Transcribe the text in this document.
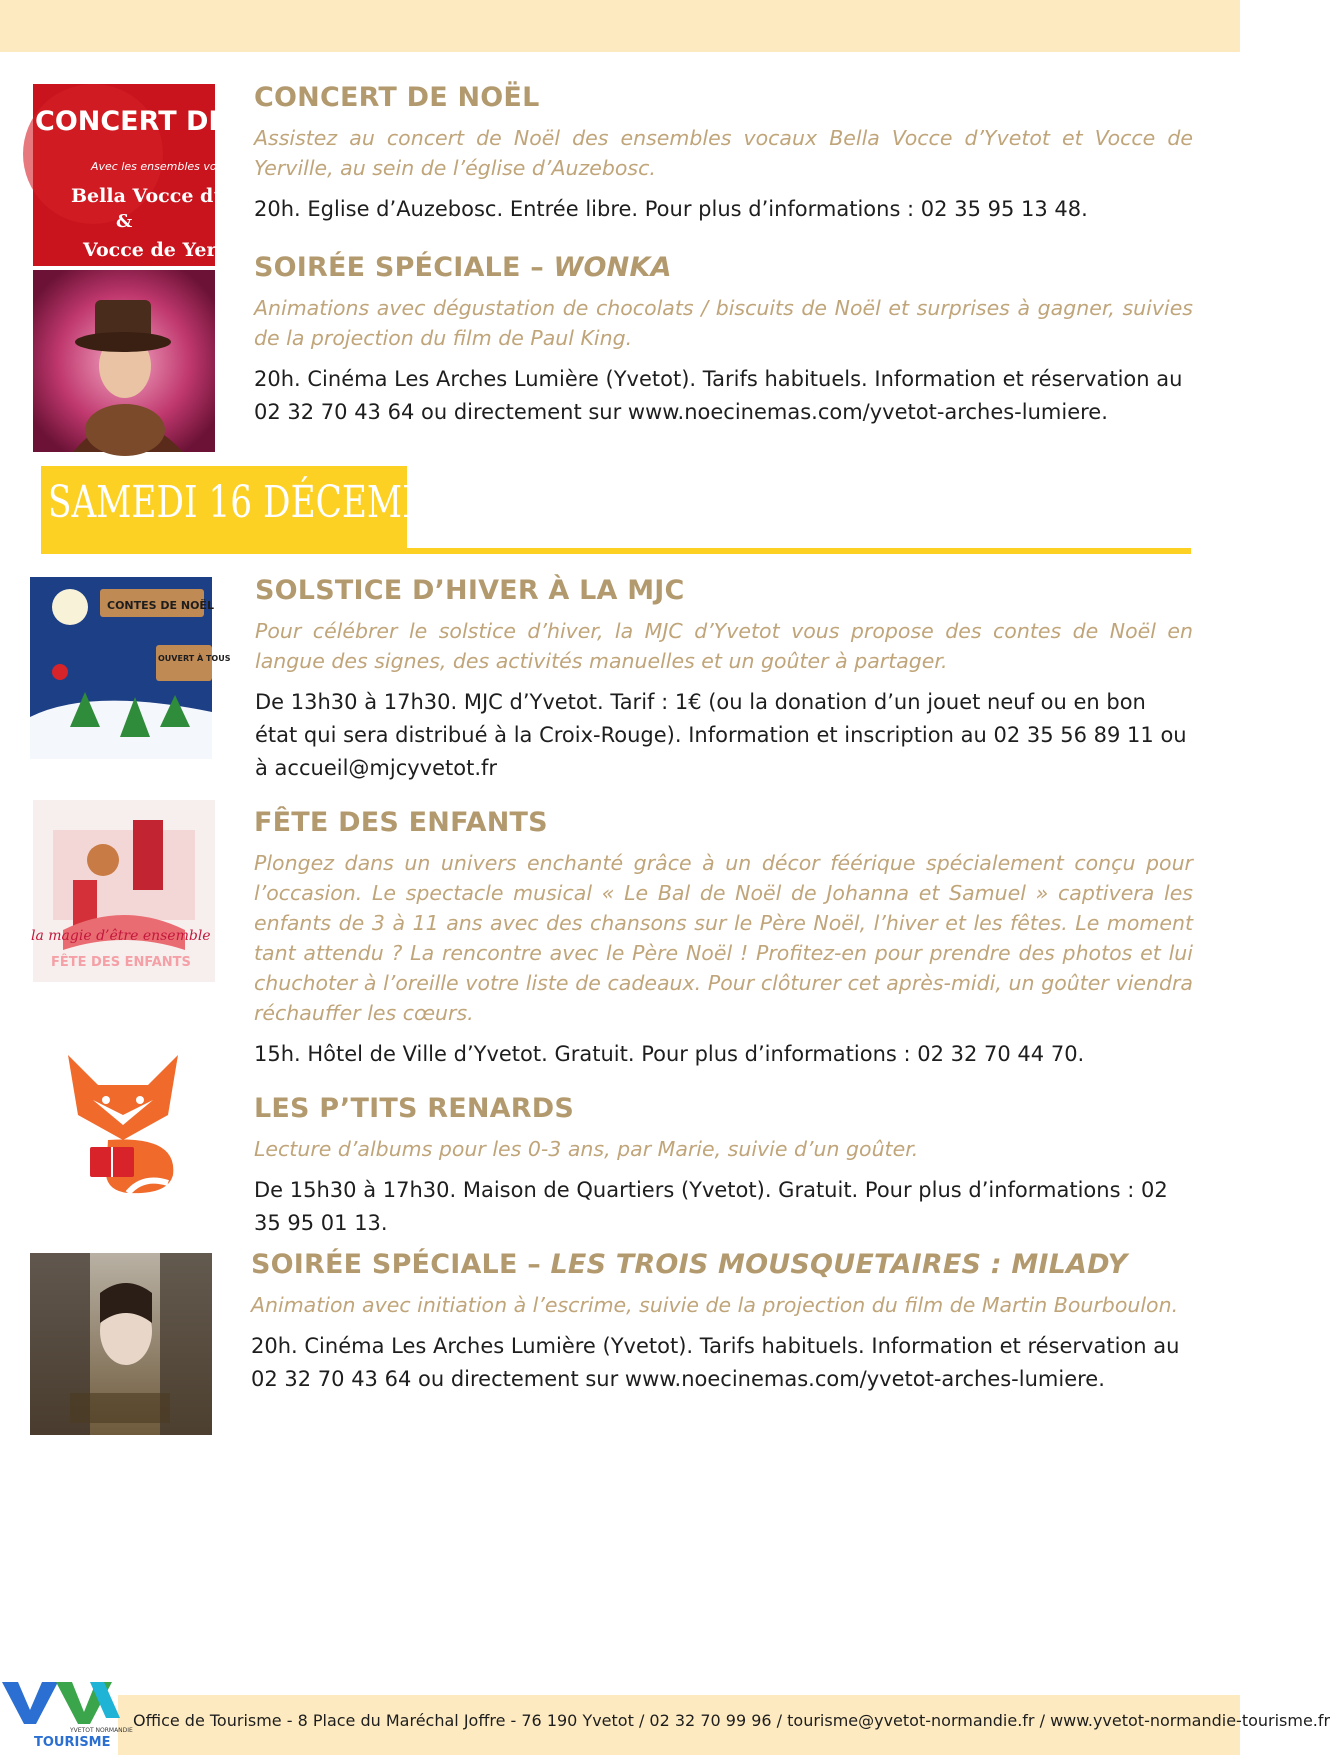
CONCERT DE
Avec les ensembles vocaux
Bella Vocce d’Yvetot
&
Vocce de Yerville
CONCERT DE NOËL
Assistez au concert de Noël des ensembles vocaux Bella Vocce d’Yvetot et Vocce de Yerville, au sein de l’église d’Auzebosc.
20h. Eglise d’Auzebosc. Entrée libre. Pour plus d’informations : 02 35 95 13 48.
SOIRÉE SPÉCIALE – WONKA
Animations avec dégustation de chocolats / biscuits de Noël et surprises à gagner, suivies de la projection du film de Paul King.
20h. Cinéma Les Arches Lumière (Yvetot). Tarifs habituels. Information et réservation au 02 32 70 43 64 ou directement sur www.noecinemas.com/yvetot-arches-lumiere.
SAMEDI 16 DÉCEMBRE
CONTES DE NOËL
OUVERT À TOUS
SOLSTICE D’HIVER À LA MJC
Pour célébrer le solstice d’hiver, la MJC d’Yvetot vous propose des contes de Noël en langue des signes, des activités manuelles et un goûter à partager.
De 13h30 à 17h30. MJC d’Yvetot. Tarif : 1€ (ou la donation d’un jouet neuf ou en bon état qui sera distribué à la Croix-Rouge). Information et inscription au 02 35 56 89 11 ou à accueil@mjcyvetot.fr
la magie d’être ensemble
FÊTE DES ENFANTS
FÊTE DES ENFANTS
Plongez dans un univers enchanté grâce à un décor féérique spécialement conçu pour l’occasion. Le spectacle musical « Le Bal de Noël de Johanna et Samuel » captivera les enfants de 3 à 11 ans avec des chansons sur le Père Noël, l’hiver et les fêtes. Le moment tant attendu ? La rencontre avec le Père Noël ! Profitez-en pour prendre des photos et lui chuchoter à l’oreille votre liste de cadeaux. Pour clôturer cet après-midi, un goûter viendra réchauffer les cœurs.
15h. Hôtel de Ville d’Yvetot. Gratuit. Pour plus d’informations : 02 32 70 44 70.
LES P’TITS RENARDS
Lecture d’albums pour les 0-3 ans, par Marie, suivie d’un goûter.
De 15h30 à 17h30. Maison de Quartiers (Yvetot). Gratuit. Pour plus d’informations : 02 35 95 01 13.
SOIRÉE SPÉCIALE – LES TROIS MOUSQUETAIRES : MILADY
Animation avec initiation à l’escrime, suivie de la projection du film de Martin Bourboulon.
20h. Cinéma Les Arches Lumière (Yvetot). Tarifs habituels. Information et réservation au 02 32 70 43 64 ou directement sur www.noecinemas.com/yvetot-arches-lumiere.
YVETOT NORMANDIE
TOURISME
Office de Tourisme - 8 Place du Maréchal Joffre - 76 190 Yvetot / 02 32 70 99 96 / tourisme@yvetot-normandie.fr / www.yvetot-normandie-tourisme.fr
